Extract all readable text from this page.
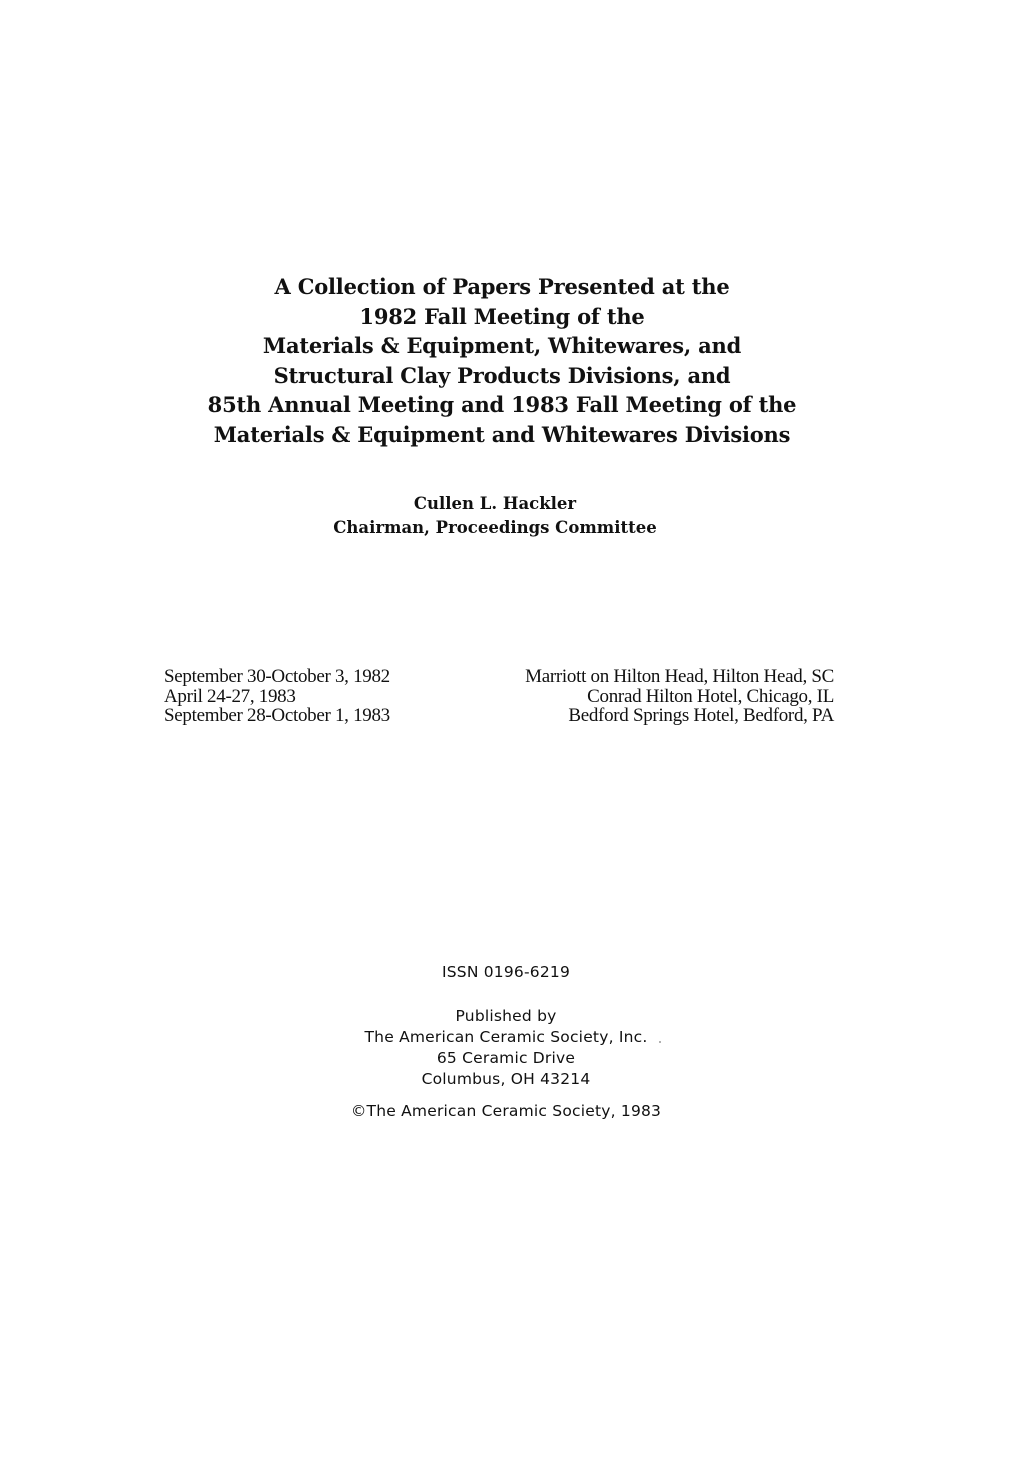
A Collection of Papers Presented at the
1982 Fall Meeting of the
Materials & Equipment, Whitewares, and
Structural Clay Products Divisions, and
85th Annual Meeting and 1983 Fall Meeting of the
Materials & Equipment and Whitewares Divisions
Cullen L. Hackler
Chairman, Proceedings Committee
September 30-October 3, 1982	Marriott on Hilton Head, Hilton Head, SC
April 24-27, 1983	Conrad Hilton Hotel, Chicago, IL
September 28-October 1, 1983	Bedford Springs Hotel, Bedford, PA
ISSN 0196-6219
Published by
The American Ceramic Society, Inc.
65 Ceramic Drive
Columbus, OH 43214
©The American Ceramic Society, 1983
